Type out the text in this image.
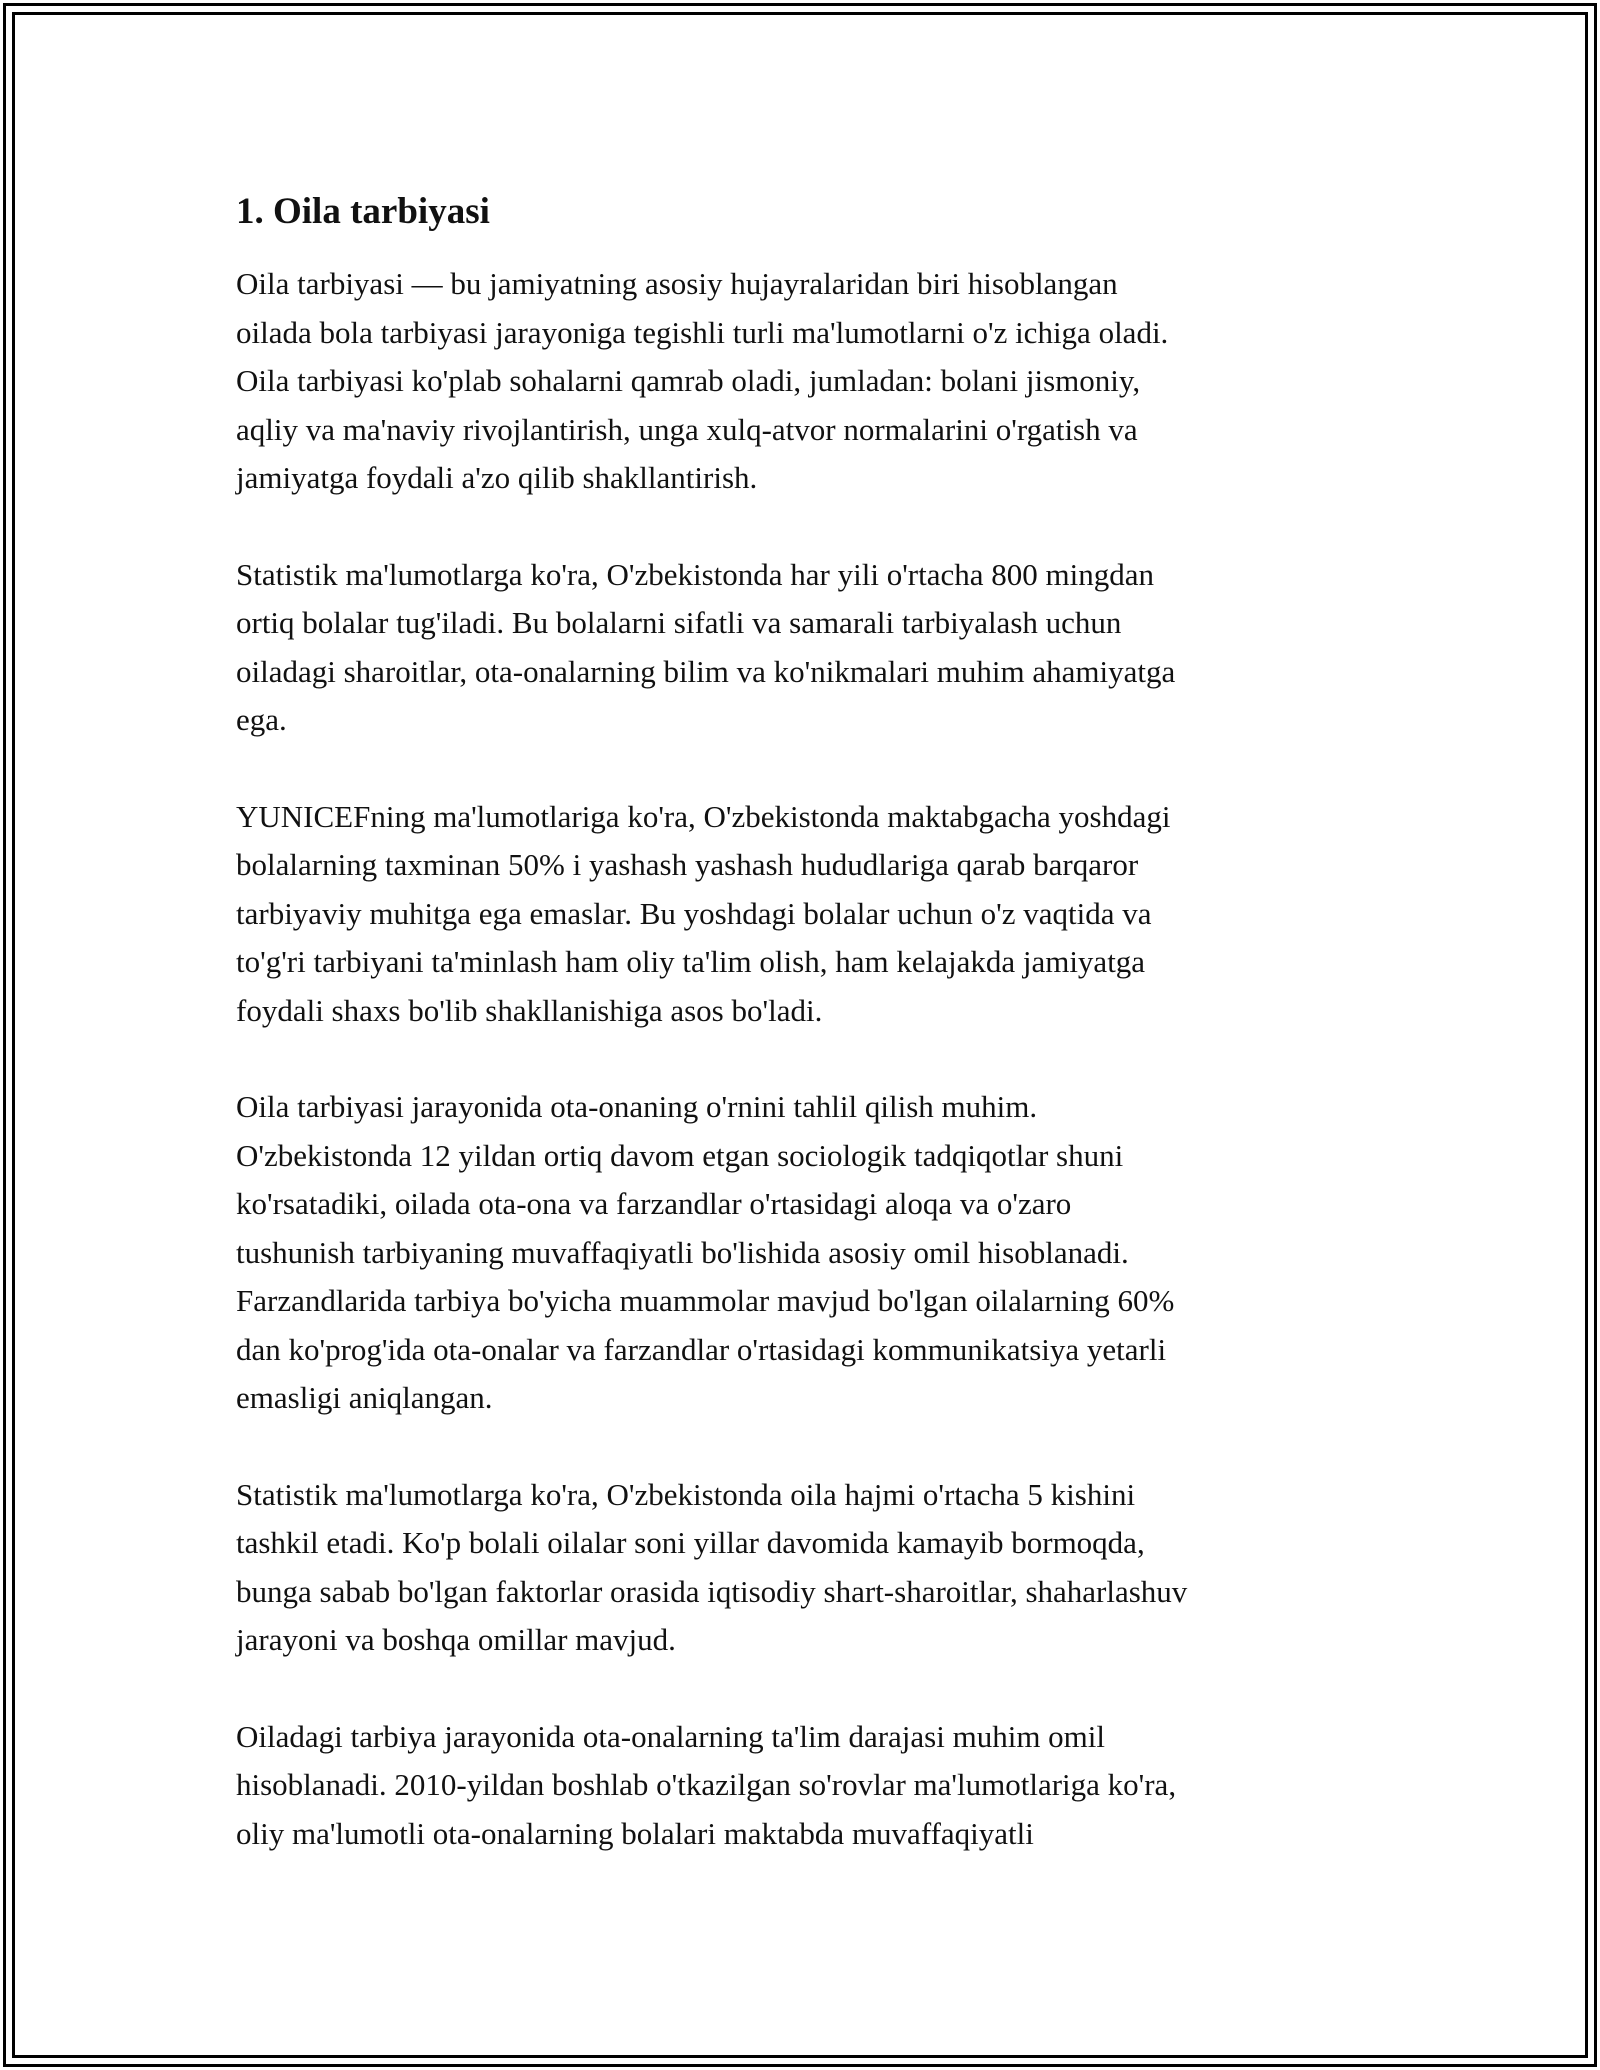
1. Oila tarbiyasi

Oila tarbiyasi — bu jamiyatning asosiy hujayralaridan biri hisoblangan
oilada bola tarbiyasi jarayoniga tegishli turli ma'lumotlarni o'z ichiga oladi.
Oila tarbiyasi ko'plab sohalarni qamrab oladi, jumladan: bolani jismoniy,
aqliy va ma'naviy rivojlantirish, unga xulq-atvor normalarini o'rgatish va
jamiyatga foydali a'zo qilib shakllantirish.

Statistik ma'lumotlarga ko'ra, O'zbekistonda har yili o'rtacha 800 mingdan
ortiq bolalar tug'iladi. Bu bolalarni sifatli va samarali tarbiyalash uchun
oiladagi sharoitlar, ota-onalarning bilim va ko'nikmalari muhim ahamiyatga
ega.

YUNICEFning ma'lumotlariga ko'ra, O'zbekistonda maktabgacha yoshdagi
bolalarning taxminan 50% i yashash yashash hududlariga qarab barqaror
tarbiyaviy muhitga ega emaslar. Bu yoshdagi bolalar uchun o'z vaqtida va
to'g'ri tarbiyani ta'minlash ham oliy ta'lim olish, ham kelajakda jamiyatga
foydali shaxs bo'lib shakllanishiga asos bo'ladi.

Oila tarbiyasi jarayonida ota-onaning o'rnini tahlil qilish muhim.
O'zbekistonda 12 yildan ortiq davom etgan sociologik tadqiqotlar shuni
ko'rsatadiki, oilada ota-ona va farzandlar o'rtasidagi aloqa va o'zaro
tushunish tarbiyaning muvaffaqiyatli bo'lishida asosiy omil hisoblanadi.
Farzandlarida tarbiya bo'yicha muammolar mavjud bo'lgan oilalarning 60%
dan ko'prog'ida ota-onalar va farzandlar o'rtasidagi kommunikatsiya yetarli
emasligi aniqlangan.

Statistik ma'lumotlarga ko'ra, O'zbekistonda oila hajmi o'rtacha 5 kishini
tashkil etadi. Ko'p bolali oilalar soni yillar davomida kamayib bormoqda,
bunga sabab bo'lgan faktorlar orasida iqtisodiy shart-sharoitlar, shaharlashuv
jarayoni va boshqa omillar mavjud.

Oiladagi tarbiya jarayonida ota-onalarning ta'lim darajasi muhim omil
hisoblanadi. 2010-yildan boshlab o'tkazilgan so'rovlar ma'lumotlariga ko'ra,
oliy ma'lumotli ota-onalarning bolalari maktabda muvaffaqiyatli
